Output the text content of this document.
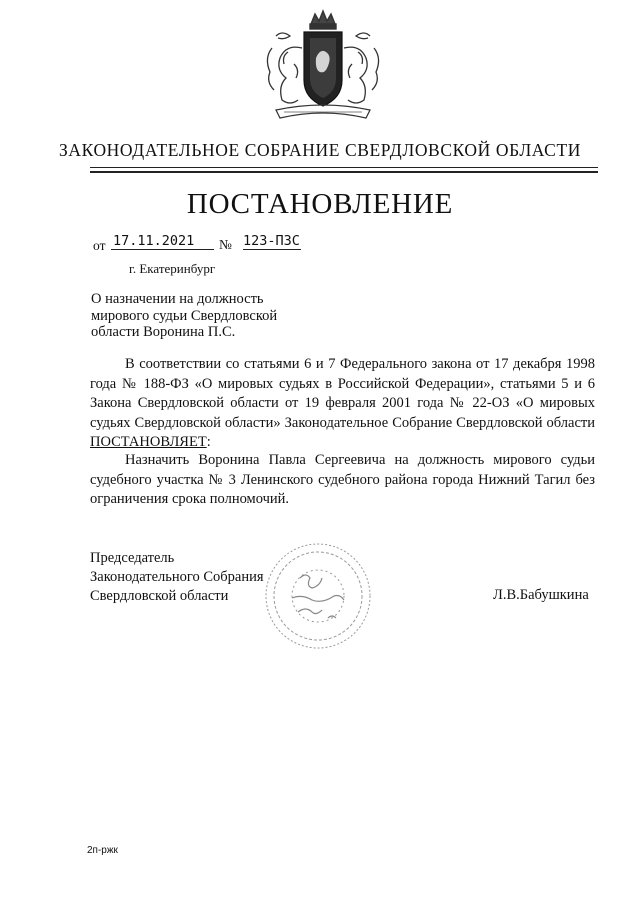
ЗАКОНОДАТЕЛЬНОЕ СОБРАНИЕ СВЕРДЛОВСКОЙ ОБЛАСТИ
ПОСТАНОВЛЕНИЕ
от 17.11.2021	№ 123-ПЗС
г. Екатеринбург
О назначении на должность
мирового судьи Свердловской
области Воронина П.С.

В соответствии со статьями 6 и 7 Федерального закона от 17 декабря 1998 года № 188-ФЗ «О мировых судьях в Российской Федерации», статьями 5 и 6 Закона Свердловской области от 19 февраля 2001 года № 22-ОЗ «О мировых судьях Свердловской области» Законодательное Собрание Свердловской области ПОСТАНОВЛЯЕТ:

Назначить Воронина Павла Сергеевича на должность мирового судьи судебного участка № 3 Ленинского судебного района города Нижний Тагил без ограничения срока полномочий.

Председатель
Законодательного Собрания
Свердловской области	Л.В.Бабушкина
2п-ржк
